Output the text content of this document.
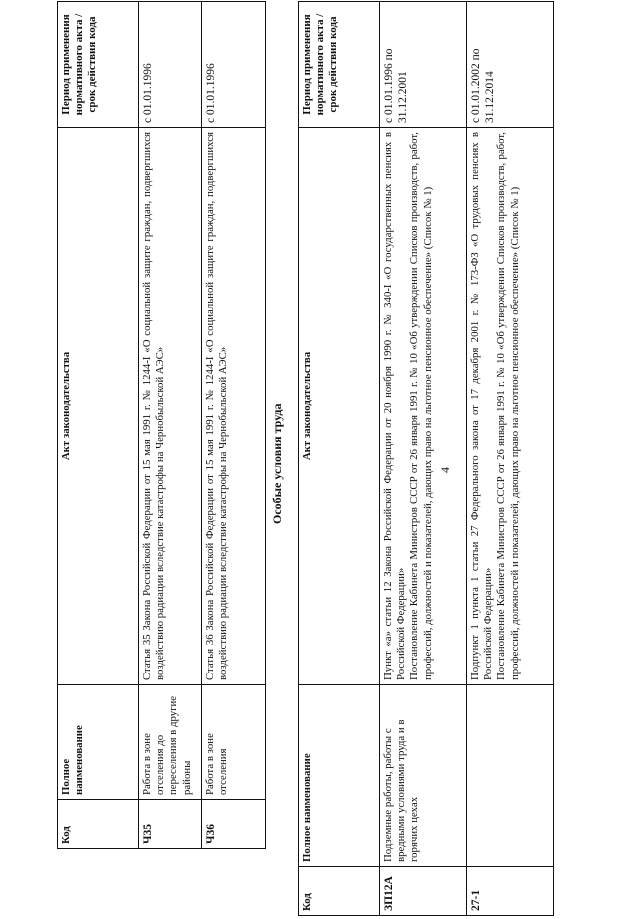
4
Код	Полное наименование	Акт законодательства	Период применения нормативного акта / срок действия кода
Ч35	Работа в зоне отселения до переселения в другие районы	Статья 35 Закона Российской Федерации от 15 мая 1991 г. № 1244-I «О социальной защите граждан, подвергшихся воздействию радиации вследствие катастрофы на Чернобыльской АЭС»	с 01.01.1996
Ч36	Работа в зоне отселения	Статья 36 Закона Российской Федерации от 15 мая 1991 г. № 1244-I «О социальной защите граждан, подвергшихся воздействию радиации вследствие катастрофы на Чернобыльской АЭС»	с 01.01.1996
Особые условия труда
Код	Полное наименование	Акт законодательства	Период применения нормативного акта / срок действия кода
ЗП12А	Подземные работы, работы с вредными условиями труда и в горячих цехах	Пункт «а» статьи 12 Закона Российской Федерации от 20 ноября 1990 г. № 340-I «О государственных пенсиях в Российской Федерации» Постановление Кабинета Министров СССР от 26 января 1991 г. № 10 «Об утверждении Списков производств, работ, профессий, должностей и показателей, дающих право на льготное пенсионное обеспечение» (Список № 1)	с 01.01.1996 по 31.12.2001
27-1		Подпункт 1 пункта 1 статьи 27 Федерального закона от 17 декабря 2001 г. № 173-ФЗ «О трудовых пенсиях в Российской Федерации» Постановление Кабинета Министров СССР от 26 января 1991 г. № 10 «Об утверждении Списков производств, работ, профессий, должностей и показателей, дающих право на льготное пенсионное обеспечение» (Список № 1)	с 01.01.2002 по 31.12.2014
